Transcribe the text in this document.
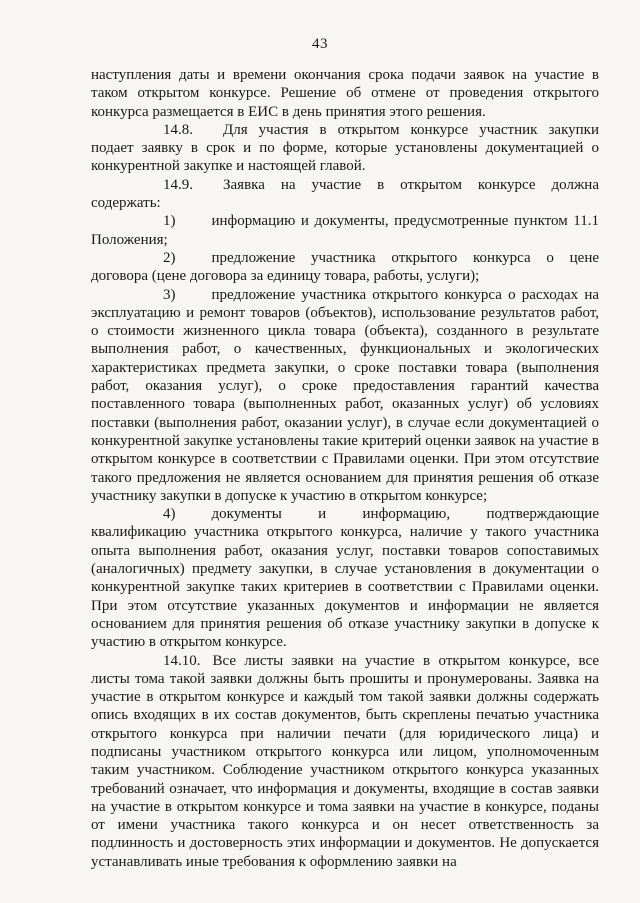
43

наступления даты и времени окончания срока подачи заявок на участие в таком открытом конкурсе. Решение об отмене от проведения открытого конкурса размещается в ЕИС в день принятия этого решения.

14.8. Для участия в открытом конкурсе участник закупки подает заявку в срок и по форме, которые установлены документацией о конкурентной закупке и настоящей главой.

14.9. Заявка на участие в открытом конкурсе должна содержать:

1) информацию и документы, предусмотренные пунктом 11.1 Положения;

2) предложение участника открытого конкурса о цене договора (цене договора за единицу товара, работы, услуги);

3) предложение участника открытого конкурса о расходах на эксплуатацию и ремонт товаров (объектов), использование результатов работ, о стоимости жизненного цикла товара (объекта), созданного в результате выполнения работ, о качественных, функциональных и экологических характеристиках предмета закупки, о сроке поставки товара (выполнения работ, оказания услуг), о сроке предоставления гарантий качества поставленного товара (выполненных работ, оказанных услуг) об условиях поставки (выполнения работ, оказании услуг), в случае если документацией о конкурентной закупке установлены такие критерий оценки заявок на участие в открытом конкурсе в соответствии с Правилами оценки. При этом отсутствие такого предложения не является основанием для принятия решения об отказе участнику закупки в допуске к участию в открытом конкурсе;

4) документы и информацию, подтверждающие квалификацию участника открытого конкурса, наличие у такого участника опыта выполнения работ, оказания услуг, поставки товаров сопоставимых (аналогичных) предмету закупки, в случае установления в документации о конкурентной закупке таких критериев в соответствии с Правилами оценки. При этом отсутствие указанных документов и информации не является основанием для принятия решения об отказе участнику закупки в допуске к участию в открытом конкурсе.

14.10. Все листы заявки на участие в открытом конкурсе, все листы тома такой заявки должны быть прошиты и пронумерованы. Заявка на участие в открытом конкурсе и каждый том такой заявки должны содержать опись входящих в их состав документов, быть скреплены печатью участника открытого конкурса при наличии печати (для юридического лица) и подписаны участником открытого конкурса или лицом, уполномоченным таким участником. Соблюдение участником открытого конкурса указанных требований означает, что информация и документы, входящие в состав заявки на участие в открытом конкурсе и тома заявки на участие в конкурсе, поданы от имени участника такого конкурса и он несет ответственность за подлинность и достоверность этих информации и документов. Не допускается устанавливать иные требования к оформлению заявки на
